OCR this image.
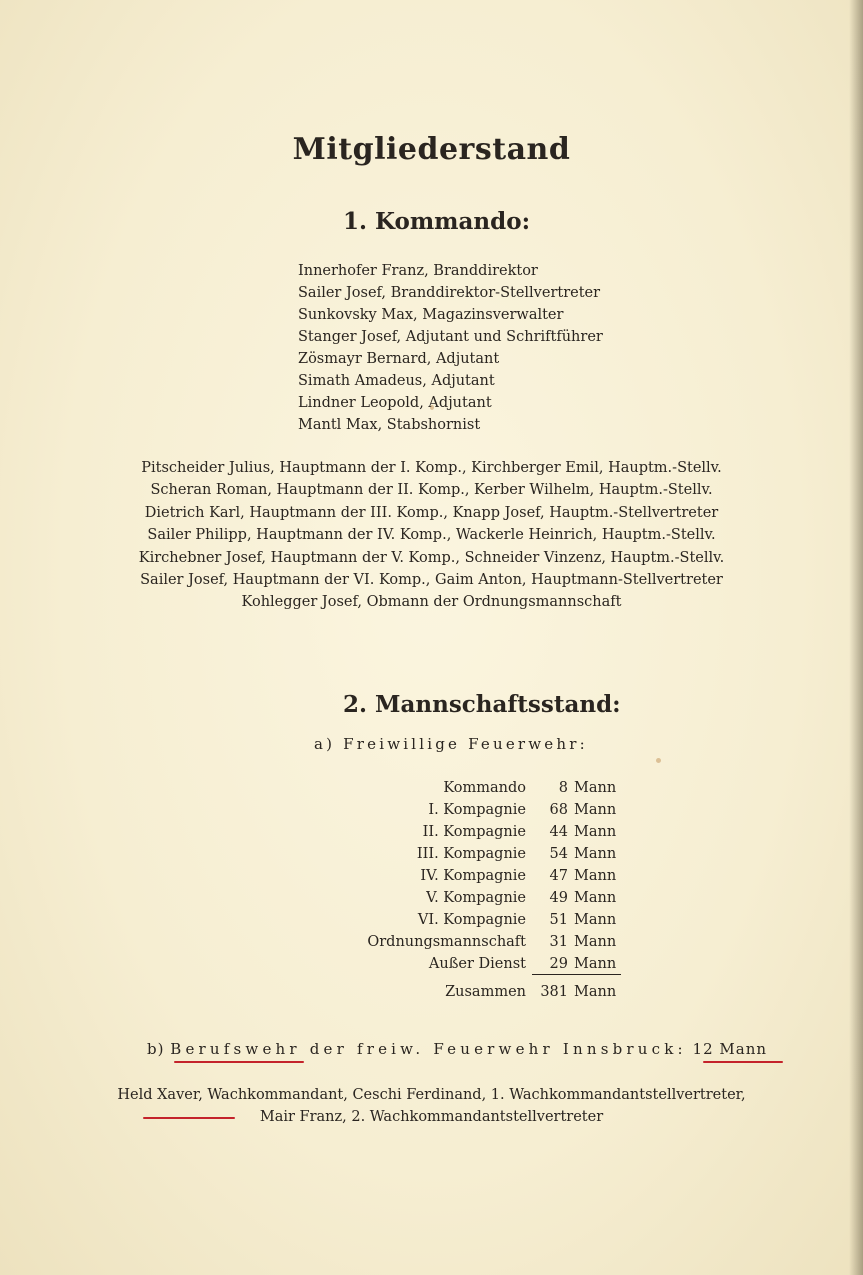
Mitgliederstand
1. Kommando:
Innerhofer Franz, Branddirektor
Sailer Josef, Branddirektor-Stellvertreter
Sunkovsky Max, Magazinsverwalter
Stanger Josef, Adjutant und Schriftführer
Zösmayr Bernard, Adjutant
Simath Amadeus, Adjutant
Lindner Leopold, Adjutant
Mantl Max, Stabshornist
Pitscheider Julius, Hauptmann der I. Komp., Kirchberger Emil, Hauptm.-Stellv.
Scheran Roman, Hauptmann der II. Komp., Kerber Wilhelm, Hauptm.-Stellv.
Dietrich Karl, Hauptmann der III. Komp., Knapp Josef, Hauptm.-Stellvertreter
Sailer Philipp, Hauptmann der IV. Komp., Wackerle Heinrich, Hauptm.-Stellv.
Kirchebner Josef, Hauptmann der V. Komp., Schneider Vinzenz, Hauptm.-Stellv.
Sailer Josef, Hauptmann der VI. Komp., Gaim Anton, Hauptmann-Stellvertreter
Kohlegger Josef, Obmann der Ordnungsmannschaft
2. Mannschaftsstand:
a) Freiwillige Feuerwehr:
Kommando	8 Mann
I. Kompagnie	68 Mann
II. Kompagnie	44 Mann
III. Kompagnie	54 Mann
IV. Kompagnie	47 Mann
V. Kompagnie	49 Mann
VI. Kompagnie	51 Mann
Ordnungsmannschaft	31 Mann
Außer Dienst	29 Mann
Zusammen 381 Mann
b) Berufswehr der freiw. Feuerwehr Innsbruck: 12 Mann
Held Xaver, Wachkommandant, Ceschi Ferdinand, 1. Wachkommandantstellvertreter,
Mair Franz, 2. Wachkommandantstellvertreter
